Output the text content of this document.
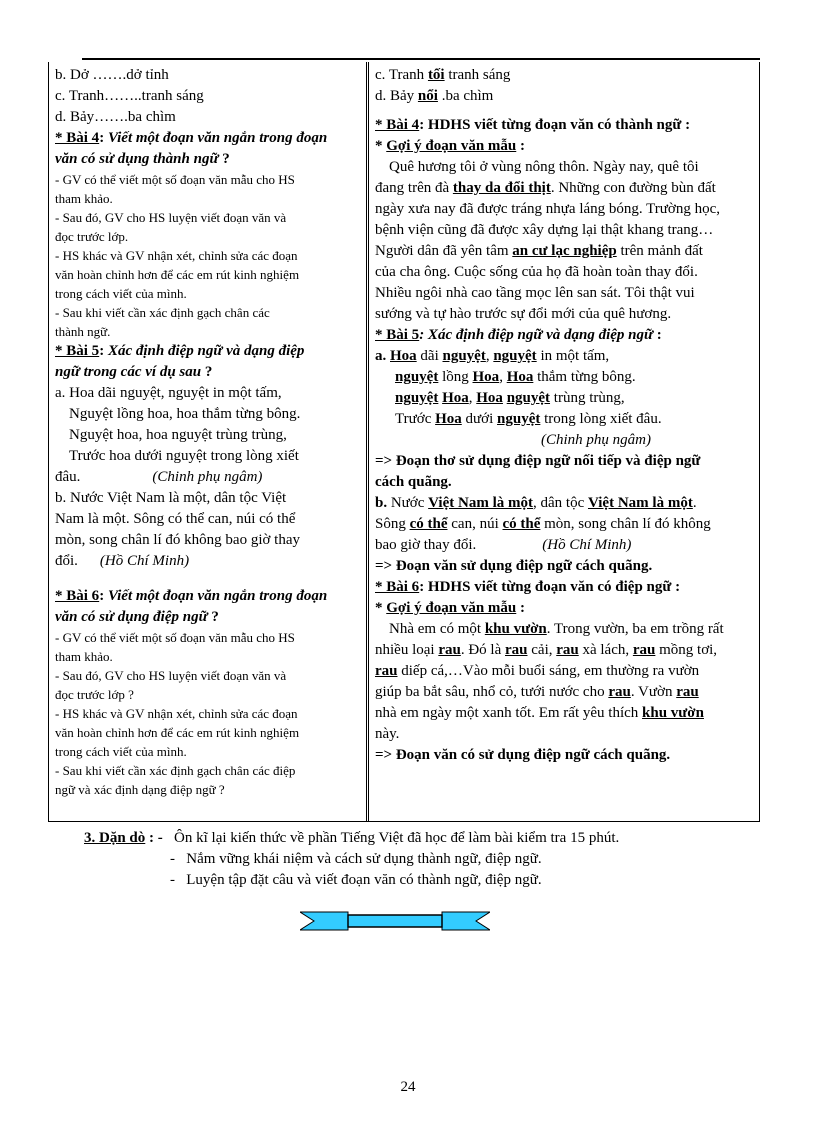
b. Dở …….dở tỉnh
c. Tranh……..tranh sáng
d. Bảy…….ba chìm
* Bài 4: Viết một đoạn văn ngắn trong đoạn
văn có sử dụng thành ngữ ?
- GV có thể viết một số đoạn văn mẫu cho HS
tham khảo.
- Sau đó, GV cho HS luyện viết đoạn văn và
đọc trước lớp.
- HS khác và GV nhận xét, chỉnh sửa các đoạn
văn hoàn chỉnh hơn để các em rút kinh nghiệm
trong cách viết của mình.
- Sau khi viết cần xác định gạch chân các
thành ngữ.
* Bài 5: Xác định điệp ngữ và dạng điệp
ngữ trong các ví dụ sau ?
a. Hoa dãi nguyệt, nguyệt in một tấm,
Nguyệt lồng hoa, hoa thắm từng bông.
Nguyệt hoa, hoa nguyệt trùng trùng,
Trước hoa dưới nguyệt trong lòng xiết
đâu.	(Chinh phụ ngâm)
b. Nước Việt Nam là một, dân tộc Việt
Nam là một. Sông có thể can, núi có thể
mòn, song chân lí đó không bao giờ thay
đổi. (Hồ Chí Minh)
* Bài 6: Viết một đoạn văn ngắn trong đoạn
văn có sử dụng điệp ngữ ?
- GV có thể viết một số đoạn văn mẫu cho HS
tham khảo.
- Sau đó, GV cho HS luyện viết đoạn văn và
đọc trước lớp ?
- HS khác và GV nhận xét, chỉnh sửa các đoạn
văn hoàn chỉnh hơn để các em rút kinh nghiệm
trong cách viết của mình.
- Sau khi viết cần xác định gạch chân các điệp
ngữ và xác định dạng điệp ngữ ?
c. Tranh tối tranh sáng
d. Bảy nổi .ba chìm
* Bài 4: HDHS viết từng đoạn văn có thành ngữ :
* Gợi ý đoạn văn mẫu :
Quê hương tôi ở vùng nông thôn. Ngày nay, quê tôi
đang trên đà thay da đổi thịt. Những con đường bùn đất
ngày xưa nay đã được tráng nhựa láng bóng. Trường học,
bệnh viện cũng đã được xây dựng lại thật khang trang…
Người dân đã yên tâm an cư lạc nghiệp trên mảnh đất
của cha ông. Cuộc sống của họ đã hoàn toàn thay đổi.
Nhiều ngôi nhà cao tầng mọc lên san sát. Tôi thật vui
sướng và tự hào trước sự đổi mới của quê hương.
* Bài 5: Xác định điệp ngữ và dạng điệp ngữ :
a. Hoa dãi nguyệt, nguyệt in một tấm,
nguyệt lồng Hoa, Hoa thắm từng bông.
nguyệt Hoa, Hoa nguyệt trùng trùng,
Trước Hoa dưới nguyệt trong lòng xiết đâu.
(Chinh phụ ngâm)
=> Đoạn thơ sử dụng điệp ngữ nối tiếp và điệp ngữ
cách quãng.
b. Nước Việt Nam là một, dân tộc Việt Nam là một.
Sông có thể can, núi có thể mòn, song chân lí đó không
bao giờ thay đổi.	(Hồ Chí Minh)
=> Đoạn văn sử dụng điệp ngữ cách quãng.
* Bài 6: HDHS viết từng đoạn văn có điệp ngữ :
* Gợi ý đoạn văn mẫu :
Nhà em có một khu vườn. Trong vườn, ba em trồng rất
nhiều loại rau. Đó là rau cải, rau xà lách, rau mồng tơi,
rau diếp cá,…Vào mỗi buổi sáng, em thường ra vườn
giúp ba bắt sâu, nhổ cỏ, tưới nước cho rau. Vườn rau
nhà em ngày một xanh tốt. Em rất yêu thích khu vườn
này.
=> Đoạn văn có sử dụng điệp ngữ cách quãng.
3. Dặn dò : - Ôn kĩ lại kiến thức về phần Tiếng Việt đã học để làm bài kiểm tra 15 phút.
- Nắm vững khái niệm và cách sử dụng thành ngữ, điệp ngữ.
- Luyện tập đặt câu và viết đoạn văn có thành ngữ, điệp ngữ.
24
